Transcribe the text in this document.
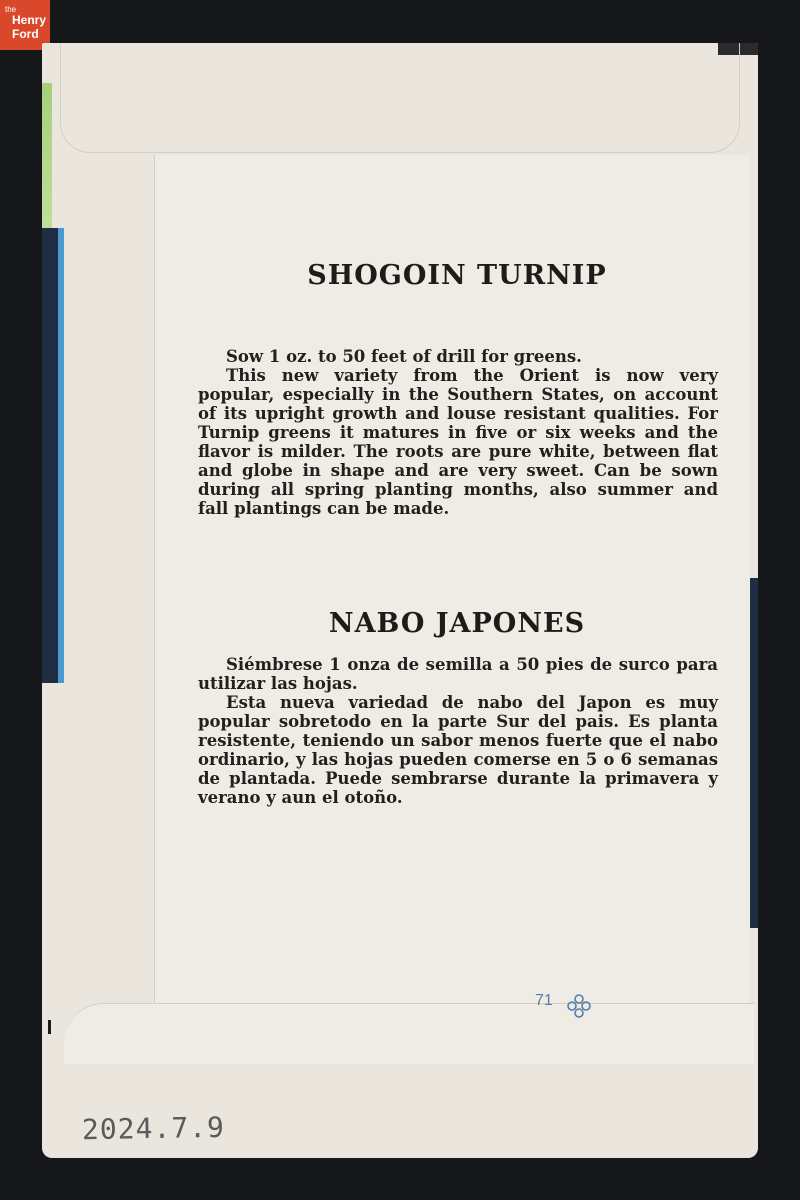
the
Henry
Ford
SHOGOIN TURNIP

Sow 1 oz. to 50 feet of drill for greens.

This new variety from the Orient is now very popular, especially in the Southern States, on account of its upright growth and louse resistant qualities. For Turnip greens it matures in five or six weeks and the flavor is milder. The roots are pure white, between flat and globe in shape and are very sweet. Can be sown during all spring planting months, also summer and fall plantings can be made.

NABO JAPONES

Siémbrese 1 onza de semilla a 50 pies de surco para utilizar las hojas.

Esta nueva variedad de nabo del Japon es muy popular sobretodo en la parte Sur del pais. Es planta resistente, teniendo un sabor menos fuerte que el nabo ordinario, y las hojas pueden comerse en 5 o 6 semanas de plantada. Puede sembrarse durante la primavera y verano y aun el otoño.

71
2024.7.9
